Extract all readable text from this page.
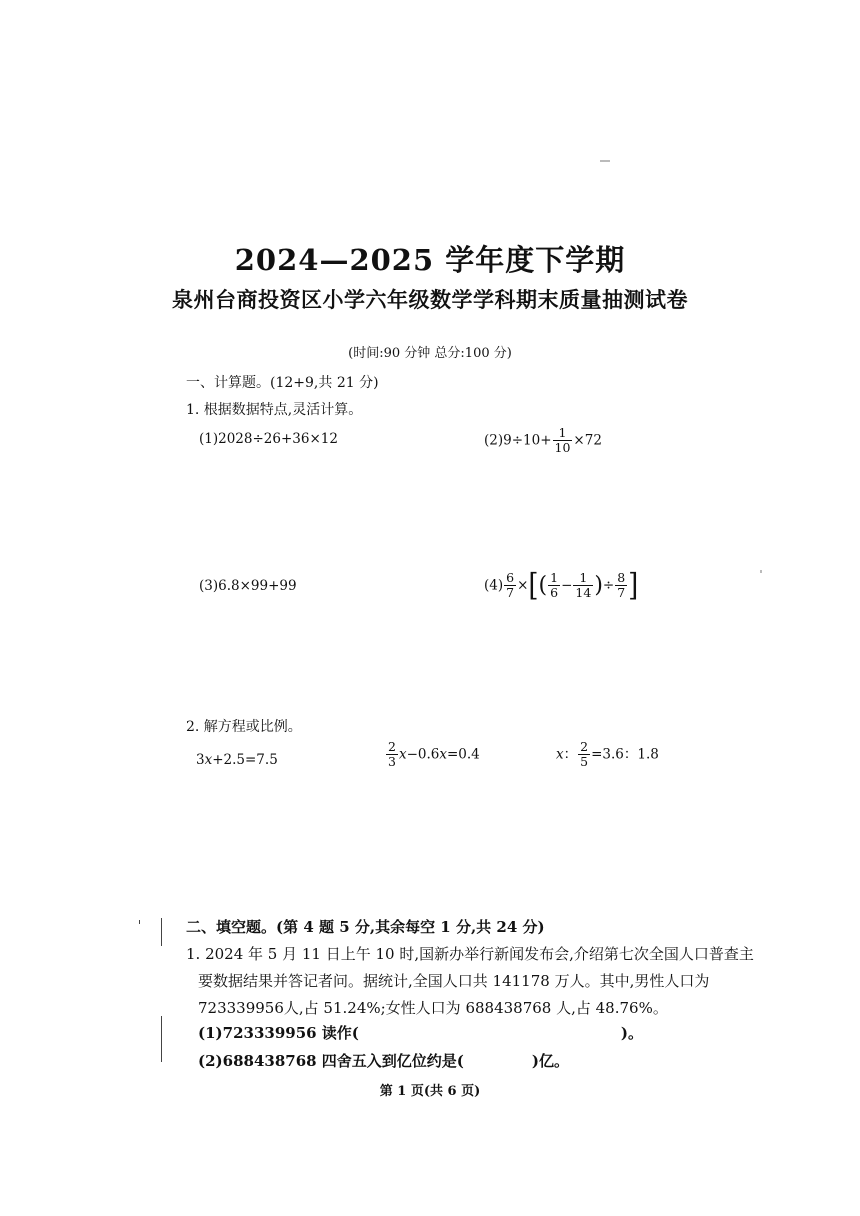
2024—2025 学年度下学期
泉州台商投资区小学六年级数学学科期末质量抽测试卷
(时间:90 分钟 总分:100 分)
一、计算题。(12+9,共 21 分)
1. 根据数据特点,灵活计算。
(1)2028÷26+36×12	$(2)9\div 10+ \frac{1}{10} \times 72$
(3)6.8×99+99	$(4) \frac{6}{7}$ ×[( $\frac{1}{6} - \frac{1}{14}$ )÷ $\frac{8}{7}$ ]
2. 解方程或比例。
3x+2.5=7.5	$\frac{2}{3} x-0.6x=0.4$	x： $\frac{2}{5} =3.6$：1.8
二、填空题。(第 4 题 5 分,其余每空 1 分,共 24 分)
1. 2024 年 5 月 11 日上午 10 时,国新办举行新闻发布会,介绍第七次全国人口普查主
要数据结果并答记者问。据统计,全国人口共 141178 万人。其中,男性人口为
723339956人,占 51.24%;女性人口为 688438768 人,占 48.76%。
(1)723339956 读作(	)。
(2)688438768 四舍五入到亿位约是(	)亿。
第 1 页(共 6 页)
